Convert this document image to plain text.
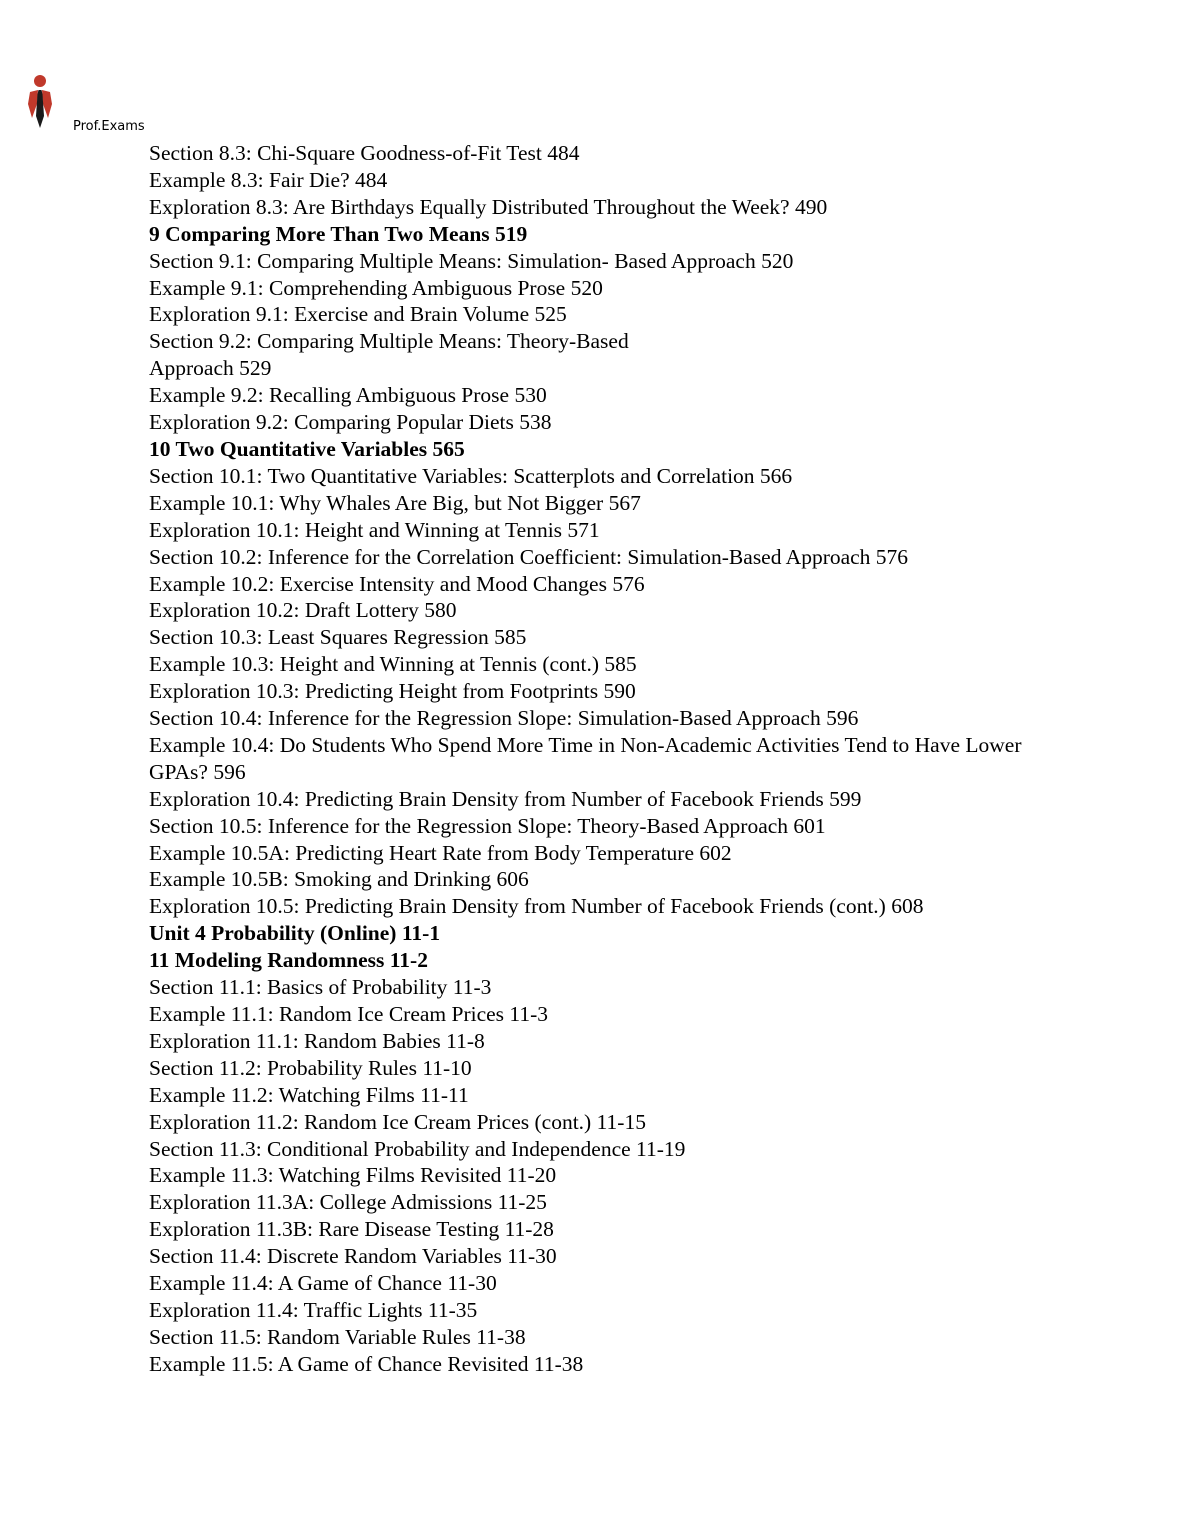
Prof.Exams
Section 8.3: Chi-Square Goodness-of-Fit Test 484
Example 8.3: Fair Die? 484
Exploration 8.3: Are Birthdays Equally Distributed Throughout the Week? 490
9 Comparing More Than Two Means 519
Section 9.1: Comparing Multiple Means: Simulation- Based Approach 520
Example 9.1: Comprehending Ambiguous Prose 520
Exploration 9.1: Exercise and Brain Volume 525
Section 9.2: Comparing Multiple Means: Theory-Based
Approach 529
Example 9.2: Recalling Ambiguous Prose 530
Exploration 9.2: Comparing Popular Diets 538
10 Two Quantitative Variables 565
Section 10.1: Two Quantitative Variables: Scatterplots and Correlation 566
Example 10.1: Why Whales Are Big, but Not Bigger 567
Exploration 10.1: Height and Winning at Tennis 571
Section 10.2: Inference for the Correlation Coefficient: Simulation-Based Approach 576
Example 10.2: Exercise Intensity and Mood Changes 576
Exploration 10.2: Draft Lottery 580
Section 10.3: Least Squares Regression 585
Example 10.3: Height and Winning at Tennis (cont.) 585
Exploration 10.3: Predicting Height from Footprints 590
Section 10.4: Inference for the Regression Slope: Simulation-Based Approach 596
Example 10.4: Do Students Who Spend More Time in Non-Academic Activities Tend to Have Lower
GPAs? 596
Exploration 10.4: Predicting Brain Density from Number of Facebook Friends 599
Section 10.5: Inference for the Regression Slope: Theory-Based Approach 601
Example 10.5A: Predicting Heart Rate from Body Temperature 602
Example 10.5B: Smoking and Drinking 606
Exploration 10.5: Predicting Brain Density from Number of Facebook Friends (cont.) 608
Unit 4 Probability (Online) 11-1
11 Modeling Randomness 11-2
Section 11.1: Basics of Probability 11-3
Example 11.1: Random Ice Cream Prices 11-3
Exploration 11.1: Random Babies 11-8
Section 11.2: Probability Rules 11-10
Example 11.2: Watching Films 11-11
Exploration 11.2: Random Ice Cream Prices (cont.) 11-15
Section 11.3: Conditional Probability and Independence 11-19
Example 11.3: Watching Films Revisited 11-20
Exploration 11.3A: College Admissions 11-25
Exploration 11.3B: Rare Disease Testing 11-28
Section 11.4: Discrete Random Variables 11-30
Example 11.4: A Game of Chance 11-30
Exploration 11.4: Traffic Lights 11-35
Section 11.5: Random Variable Rules 11-38
Example 11.5: A Game of Chance Revisited 11-38
